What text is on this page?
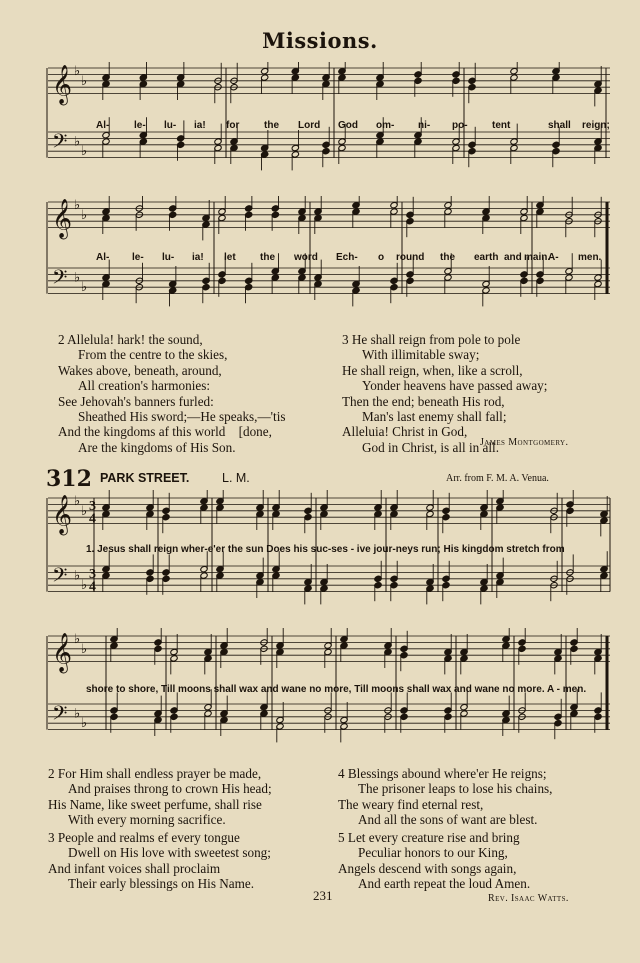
Missions.
𝄞 ♭
♭
𝄢 ♭
♭
Al- le- lu- ia! for the Lord God om- ni- po- tent	shall reign;
𝄞 ♭
♭
𝄢 ♭
♭
Al- le- lu- ia! let the word Ech- o round the earth and main.
A- men.
2 Allelula! hark! the sound,
From the centre to the skies,
Wakes above, beneath, around,
All creation's harmonies:
See Jehovah's banners furled:
Sheathed His sword;—He speaks,—'tis
And the kingdoms af this world    [done,
Are the kingdoms of His Son.
3 He shall reign from pole to pole
With illimitable sway;
He shall reign, when, like a scroll,
Yonder heavens have passed away;
Then the end; beneath His rod,
Man's last enemy shall fall;
Alleluia! Christ in God,
God in Christ, is all in all.
James Montgomery.
312 PARK STREET.	L. M.	Arr. from F. M. A. Venua.
𝄞 ♭
♭ 3
4
𝄢 ♭
♭
3
4
1. Jesus shall reign wher-e'er the sun Does his suc-ses - ive jour-neys run; His kingdom stretch from
𝄞 ♭
♭
𝄢 ♭
♭
shore to shore, Till moons shall wax and wane no more, Till moons shall wax and wane no more. A - men.
2 For Him shall endless prayer be made,
And praises throng to crown His head;
His Name, like sweet perfume, shall rise
With every morning sacrifice.
3 People and realms ef every tongue
Dwell on His love with sweetest song;
And infant voices shall proclaim
Their early blessings on His Name.
4 Blessings abound where'er He reigns;
The prisoner leaps to lose his chains,
The weary find eternal rest,
And all the sons of want are blest.
5 Let every creature rise and bring
Peculiar honors to our King,
Angels descend with songs again,
And earth repeat the loud Amen.
231	Rev. Isaac Watts.
